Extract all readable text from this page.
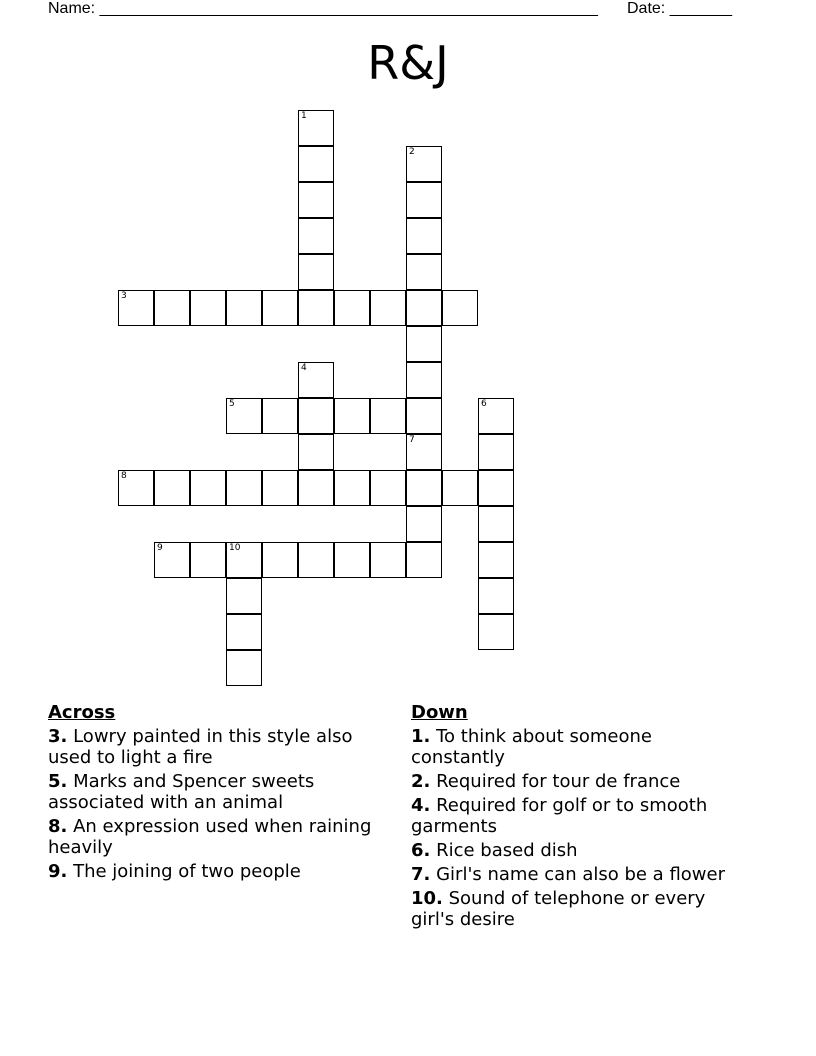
Name: ________________________________________________________ Date: _______
R&J
1
2
3
4
5	6
7
8
9	10
Across
3. Lowry painted in this style also used to light a fire
5. Marks and Spencer sweets associated with an animal
8. An expression used when raining heavily
9. The joining of two people
Down
1. To think about someone constantly
2. Required for tour de france
4. Required for golf or to smooth garments
6. Rice based dish
7. Girl's name can also be a flower
10. Sound of telephone or every girl's desire
